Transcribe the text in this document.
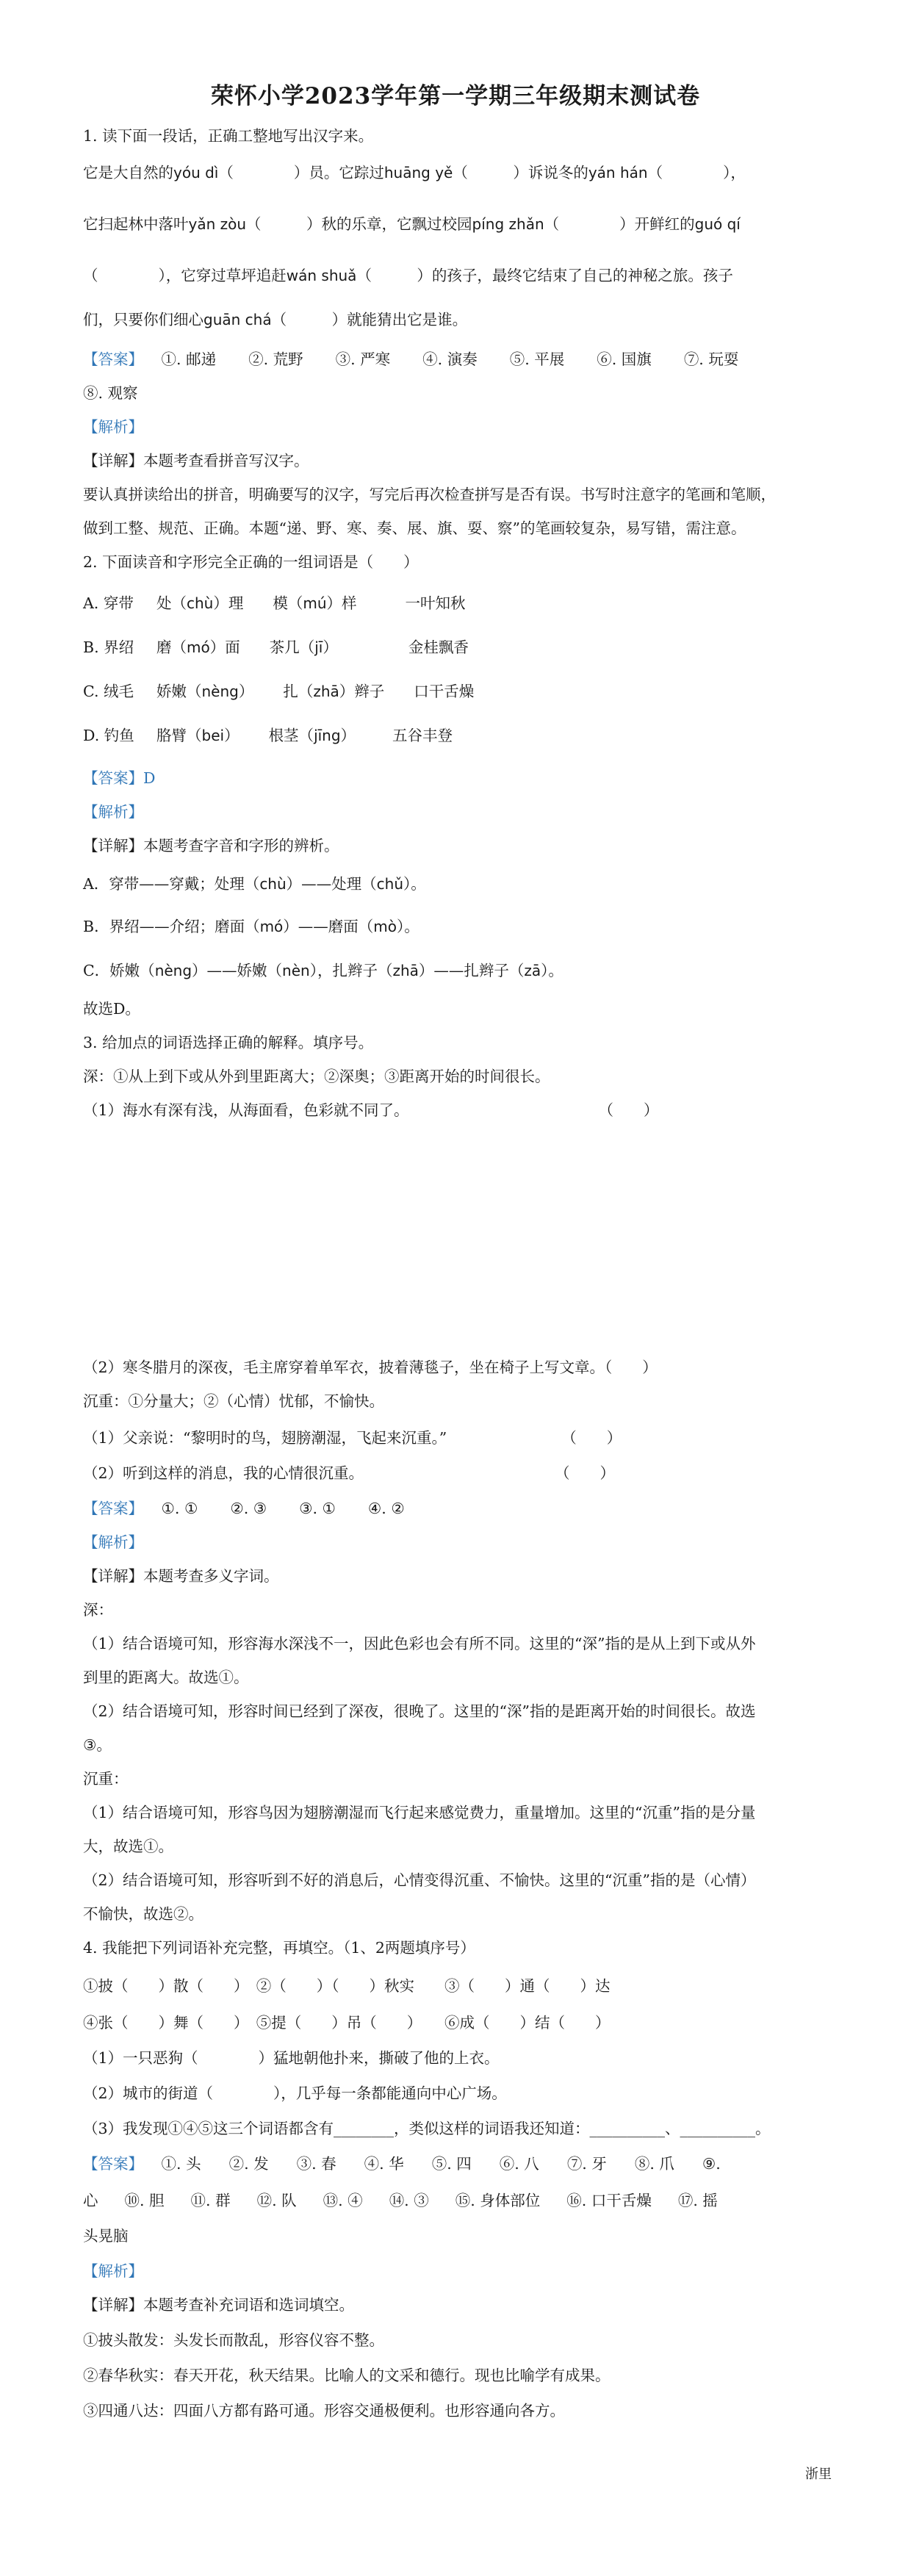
荣怀小学2023学年第一学期三年级期末测试卷
1. 读下面一段话，正确工整地写出汉字来。
它是大自然的yóu dì（　　　　）员。它踪过huāng yě（　　　）诉说冬的yán hán（　　　　），
它扫起林中落叶yǎn zòu（　　　）秋的乐章，它飘过校园píng zhǎn（　　　　）开鲜红的guó qí
（　　　　），它穿过草坪追赶wán shuǎ（　　　）的孩子，最终它结束了自己的神秘之旅。孩子
们，只要你们细心guān chá（　　　）就能猜出它是谁。
【答案】 ①. 邮递 ②. 荒野 ③. 严寒 ④. 演奏 ⑤. 平展 ⑥. 国旗 ⑦. 玩耍
⑧. 观察
【解析】
【详解】本题考查看拼音写汉字。
要认真拼读给出的拼音，明确要写的汉字，写完后再次检查拼写是否有误。书写时注意字的笔画和笔顺，
做到工整、规范、正确。本题“递、野、寒、奏、展、旗、耍、察”的笔画较复杂，易写错，需注意。
2. 下面读音和字形完全正确的一组词语是（　　）
A. 穿带 处（chù）理 模（mú）样	一叶知秋
B. 界绍 磨（mó）面 茶几（jī）	金桂飘香
C. 绒毛 娇嫩（nèng） 扎（zhā）辫子 口干舌燥
D. 钓鱼 胳臂（bei） 根茎（jīng） 五谷丰登
【答案】D
【解析】
【详解】本题考查字音和字形的辨析。
A．穿带——穿戴；处理（chù）——处理（chǔ）。
B．界绍——介绍；磨面（mó）——磨面（mò）。
C．娇嫩（nèng）——娇嫩（nèn），扎辫子（zhā）——扎辫子（zā）。
故选D。
3. 给加点的词语选择正确的解释。填序号。
深：①从上到下或从外到里距离大；②深奥；③距离开始的时间很长。
（1）海水有深有浅，从海面看，色彩就不同了。	（　　）
（2）寒冬腊月的深夜，毛主席穿着单军衣，披着薄毯子，坐在椅子上写文章。（　　）
沉重：①分量大；②（心情）忧郁，不愉快。
（1）父亲说：“黎明时的鸟，翅膀潮湿，飞起来沉重。”	（　　）
（2）听到这样的消息，我的心情很沉重。	（　　）
【答案】 ①. ① ②. ③ ③. ① ④. ②
【解析】
【详解】本题考查多义字词。
深：
（1）结合语境可知，形容海水深浅不一，因此色彩也会有所不同。这里的“深”指的是从上到下或从外
到里的距离大。故选①。
（2）结合语境可知，形容时间已经到了深夜，很晚了。这里的“深”指的是距离开始的时间很长。故选
③。
沉重：
（1）结合语境可知，形容鸟因为翅膀潮湿而飞行起来感觉费力，重量增加。这里的“沉重”指的是分量
大，故选①。
（2）结合语境可知，形容听到不好的消息后，心情变得沉重、不愉快。这里的“沉重”指的是（心情）
不愉快，故选②。
4. 我能把下列词语补充完整，再填空。（1、2两题填序号）
①披（　　）散（　　）　②（　　）（　　）秋实　　③（　　）通（　　）达
④张（　　）舞（　　）　⑤提（　　）吊（　　）　　⑥成（　　）结（　　）
（1）一只恶狗（　　　　）猛地朝他扑来，撕破了他的上衣。
（2）城市的街道（　　　　），几乎每一条都能通向中心广场。
（3）我发现①④⑤这三个词语都含有________，类似这样的词语我还知道：__________、__________。
【答案】 ①. 头 ②. 发 ③. 春 ④. 华 ⑤. 四 ⑥. 八 ⑦. 牙 ⑧. 爪 ⑨.
心 ⑩. 胆 ⑪. 群 ⑫. 队 ⑬. ④ ⑭. ③ ⑮. 身体部位 ⑯. 口干舌燥 ⑰. 摇
头晃脑
【解析】
【详解】本题考查补充词语和选词填空。
①披头散发：头发长而散乱，形容仪容不整。
②春华秋实：春天开花，秋天结果。比喻人的文采和德行。现也比喻学有成果。
③四通八达：四面八方都有路可通。形容交通极便利。也形容通向各方。
浙里
